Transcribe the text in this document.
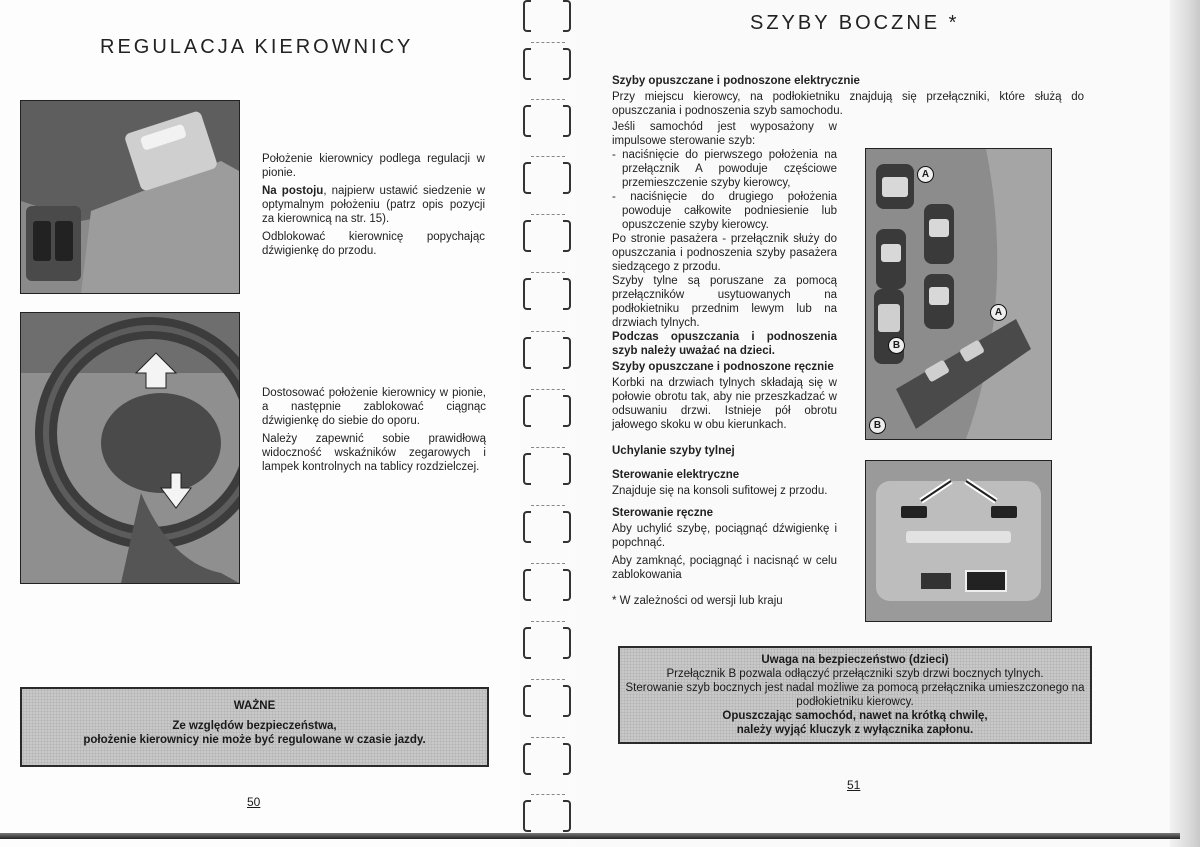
REGULACJA KIEROWNICY

Położenie kierownicy podlega regulacji w pionie.

Na postoju, najpierw ustawić siedzenie w optymalnym położeniu (patrz opis pozycji za kierownicą na str. 15).

Odblokować kierownicę popychając dźwigienkę do przodu.

Dostosować położenie kierownicy w pionie, a następnie zablokować ciągnąc dźwigienkę do siebie do oporu.

Należy zapewnić sobie prawidłową widoczność wskaźników zegarowych i lampek kontrolnych na tablicy rozdzielczej.

WAŻNE
Ze względów bezpieczeństwa,
położenie kierownicy nie może być regulowane w czasie jazdy.
50
SZYBY BOCZNE *
Szyby opuszczane i podnoszone elektrycznie

Przy miejscu kierowcy, na podłokietniku znajdują się przełączniki, które służą do opuszczania i podnoszenia szyb samochodu.

Jeśli samochód jest wyposażony w impulsowe sterowanie szyb:

- naciśnięcie do pierwszego położenia na przełącznik A powoduje częściowe przemieszczenie szyby kierowcy,
- naciśnięcie do drugiego położenia powoduje całkowite podniesienie lub opuszczenie szyby kierowcy.

Po stronie pasażera - przełącznik służy do opuszczania i podnoszenia szyby pasażera siedzącego z przodu.

Szyby tylne są poruszane za pomocą przełączników usytuowanych na podłokietniku przednim lewym lub na drzwiach tylnych.

Podczas opuszczania i podnoszenia szyb należy uważać na dzieci.

Szyby opuszczane i podnoszone ręcznie

Korbki na drzwiach tylnych składają się w połowie obrotu tak, aby nie przeszkadzać w odsuwaniu drzwi. Istnieje pół obrotu jałowego skoku w obu kierunkach.

Uchylanie szyby tylnej
Sterowanie elektryczne

Znajduje się na konsoli sufitowej z przodu.

Sterowanie ręczne

Aby uchylić szybę, pociągnąć dźwigienkę i popchnąć.

Aby zamknąć, pociągnąć i nacisnąć w celu zablokowania

* W zależności od wersji lub kraju

A
A
B
B
Uwaga na bezpieczeństwo (dzieci)
Przełącznik B pozwala odłączyć przełączniki szyb drzwi bocznych tylnych.
Sterowanie szyb bocznych jest nadal możliwe za pomocą przełącznika umieszczonego na podłokietniku kierowcy.
Opuszczając samochód, nawet na krótką chwilę,
należy wyjąć kluczyk z wyłącznika zapłonu.
51
